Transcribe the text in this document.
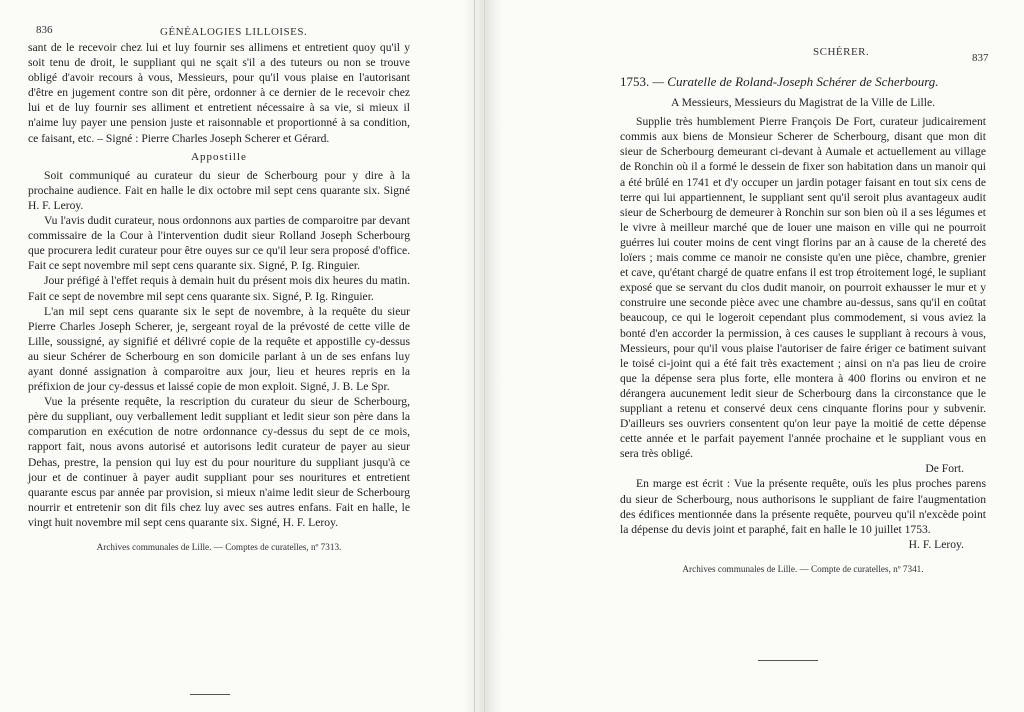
836	GÉNÉALOGIES LILLOISES.

sant de le recevoir chez lui et luy fournir ses allimens et entretient quoy qu'il y soit tenu de droit, le suppliant qui ne sçait s'il a des tuteurs ou non se trouve obligé d'avoir recours à vous, Messieurs, pour qu'il vous plaise en l'autorisant d'être en jugement contre son dit père, ordonner à ce dernier de le recevoir chez lui et de luy fournir ses alliment et entretient nécessaire à sa vie, si mieux il n'aime luy payer une pension juste et raisonnable et proportionné à sa condition, ce faisant, etc. – Signé : Pierre Charles Joseph Scherer et Gérard.

Appostille

Soit communiqué au curateur du sieur de Scherbourg pour y dire à la prochaine audience. Fait en halle le dix octobre mil sept cens quarante six. Signé H. F. Leroy.

Vu l'avis dudit curateur, nous ordonnons aux parties de comparoitre par devant commissaire de la Cour à l'intervention dudit sieur Rolland Joseph Scherbourg que procurera ledit curateur pour être ouyes sur ce qu'il leur sera proposé d'office. Fait ce sept novembre mil sept cens quarante six. Signé, P. Ig. Ringuier.

Jour préfigé à l'effet requis à demain huit du présent mois dix heures du matin. Fait ce sept de novembre mil sept cens quarante six. Signé, P. Ig. Ringuier.

L'an mil sept cens quarante six le sept de novembre, à la requête du sieur Pierre Charles Joseph Scherer, je, sergeant royal de la prévosté de cette ville de Lille, soussigné, ay signifié et délivré copie de la requête et appostille cy-dessus au sieur Schérer de Scherbourg en son domicile parlant à un de ses enfans luy ayant donné assignation à comparoitre aux jour, lieu et heures repris en la préfixion de jour cy-dessus et laissé copie de mon exploit. Signé, J. B. Le Spr.

Vue la présente requête, la rescription du curateur du sieur de Scherbourg, père du suppliant, ouy verballement ledit suppliant et ledit sieur son père dans la comparution en exécution de notre ordonnance cy-dessus du sept de ce mois, rapport fait, nous avons autorisé et autorisons ledit curateur de payer au sieur Dehas, prestre, la pension qui luy est du pour nouriture du suppliant jusqu'à ce jour et de continuer à payer audit suppliant pour ses nouritures et entretient quarante escus par année par provision, si mieux n'aime ledit sieur de Scherbourg nourrir et entretenir son dit fils chez luy avec ses autres enfans. Fait en halle, le vingt huit novembre mil sept cens quarante six. Signé, H. F. Leroy.

Archives communales de Lille. — Comptes de curatelles, nº 7313.

SCHÉRER.	837

1753. — Curatelle de Roland-Joseph Schérer de Scherbourg.

A Messieurs, Messieurs du Magistrat de la Ville de Lille.

Supplie très humblement Pierre François De Fort, curateur judicairement commis aux biens de Monsieur Scherer de Scherbourg, disant que mon dit sieur de Scherbourg demeurant ci-devant à Aumale et actuellement au village de Ronchin où il a formé le dessein de fixer son habitation dans un manoir qui a été brûlé en 1741 et d'y occuper un jardin potager faisant en tout six cens de terre qui lui appartiennent, le suppliant sent qu'il seroit plus avantageux audit sieur de Scherbourg de demeurer à Ronchin sur son bien où il a ses légumes et le vivre à meilleur marché que de louer une maison en ville qui ne pourroit guérres lui couter moins de cent vingt florins par an à cause de la chereté des loïers ; mais comme ce manoir ne consiste qu'en une pièce, chambre, grenier et cave, qu'étant chargé de quatre enfans il est trop étroitement logé, le supliant exposé que se servant du clos dudit manoir, on pourroit exhausser le mur et y construire une seconde pièce avec une chambre au-dessus, sans qu'il en coûtat beaucoup, ce qui le logeroit cependant plus commodement, si vous aviez la bonté d'en accorder la permission, à ces causes le suppliant à recours à vous, Messieurs, pour qu'il vous plaise l'autoriser de faire ériger ce batiment suivant le toisé ci-joint qui a été fait très exactement ; ainsi on n'a pas lieu de croire que la dépense sera plus forte, elle montera à 400 florins ou environ et ne dérangera aucunement ledit sieur de Scherbourg dans la circonstance que le suppliant a retenu et conservé deux cens cinquante florins pour y subvenir. D'ailleurs ses ouvriers consentent qu'on leur paye la moitié de cette dépense cette année et le parfait payement l'année prochaine et le suppliant vous en sera très obligé.

De Fort.

En marge est écrit : Vue la présente requête, ouïs les plus proches parens du sieur de Scherbourg, nous authorisons le suppliant de faire l'augmentation des édifices mentionnée dans la présente requête, pourveu qu'il n'excède point la dépense du devis joint et paraphé, fait en halle le 10 juillet 1753.

H. F. Leroy.

Archives communales de Lille. — Compte de curatelles, nº 7341.
